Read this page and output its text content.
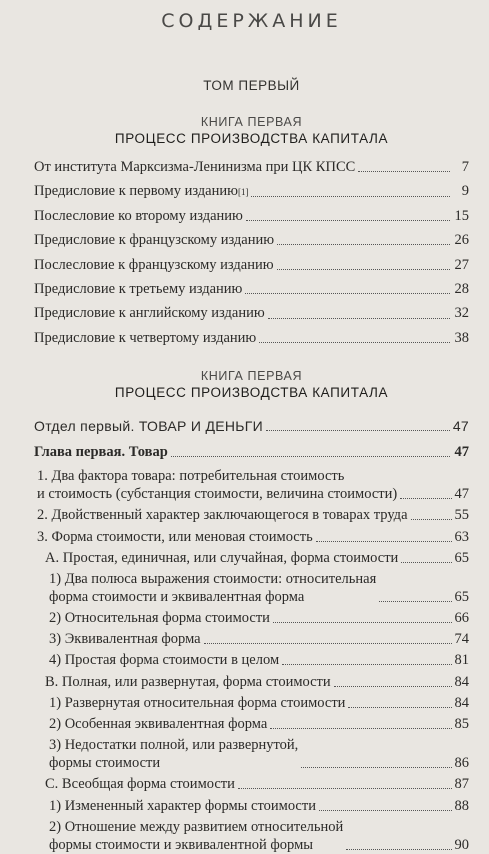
СОДЕРЖАНИЕ
ТОМ ПЕРВЫЙ
КНИГА ПЕРВАЯ
ПРОЦЕСС ПРОИЗВОДСТВА КАПИТАЛА
От института Марксизма-Ленинизма при ЦК КПСС	7
Предисловие к первому изданию [1]	9
Послесловие ко второму изданию	15
Предисловие к французскому изданию	26
Послесловие к французскому изданию	27
Предисловие к третьему изданию	28
Предисловие к английскому изданию	32
Предисловие к четвертому изданию	38
КНИГА ПЕРВАЯ
ПРОЦЕСС ПРОИЗВОДСТВА КАПИТАЛА
Отдел первый. ТОВАР И ДЕНЬГИ	47
Глава первая. Товар	47
1. Два фактора товара: потребительная стоимость
и стоимость (субстанция стоимости, величина стоимости)	47
2. Двойственный характер заключающегося в товарах труда	55
3. Форма стоимости, или меновая стоимость	63
A. Простая, единичная, или случайная, форма стоимости	65
1) Два полюса выражения стоимости: относительная
форма стоимости и эквивалентная форма	65
2) Относительная форма стоимости	66
3) Эквивалентная форма	74
4) Простая форма стоимости в целом	81
B. Полная, или развернутая, форма стоимости	84
1) Развернутая относительная форма стоимости	84
2) Особенная эквивалентная форма	85
3) Недостатки полной, или развернутой,
формы стоимости	86
C. Всеобщая форма стоимости	87
1) Измененный характер формы стоимости	88
2) Отношение между развитием относительной
формы стоимости и эквивалентной формы	90
